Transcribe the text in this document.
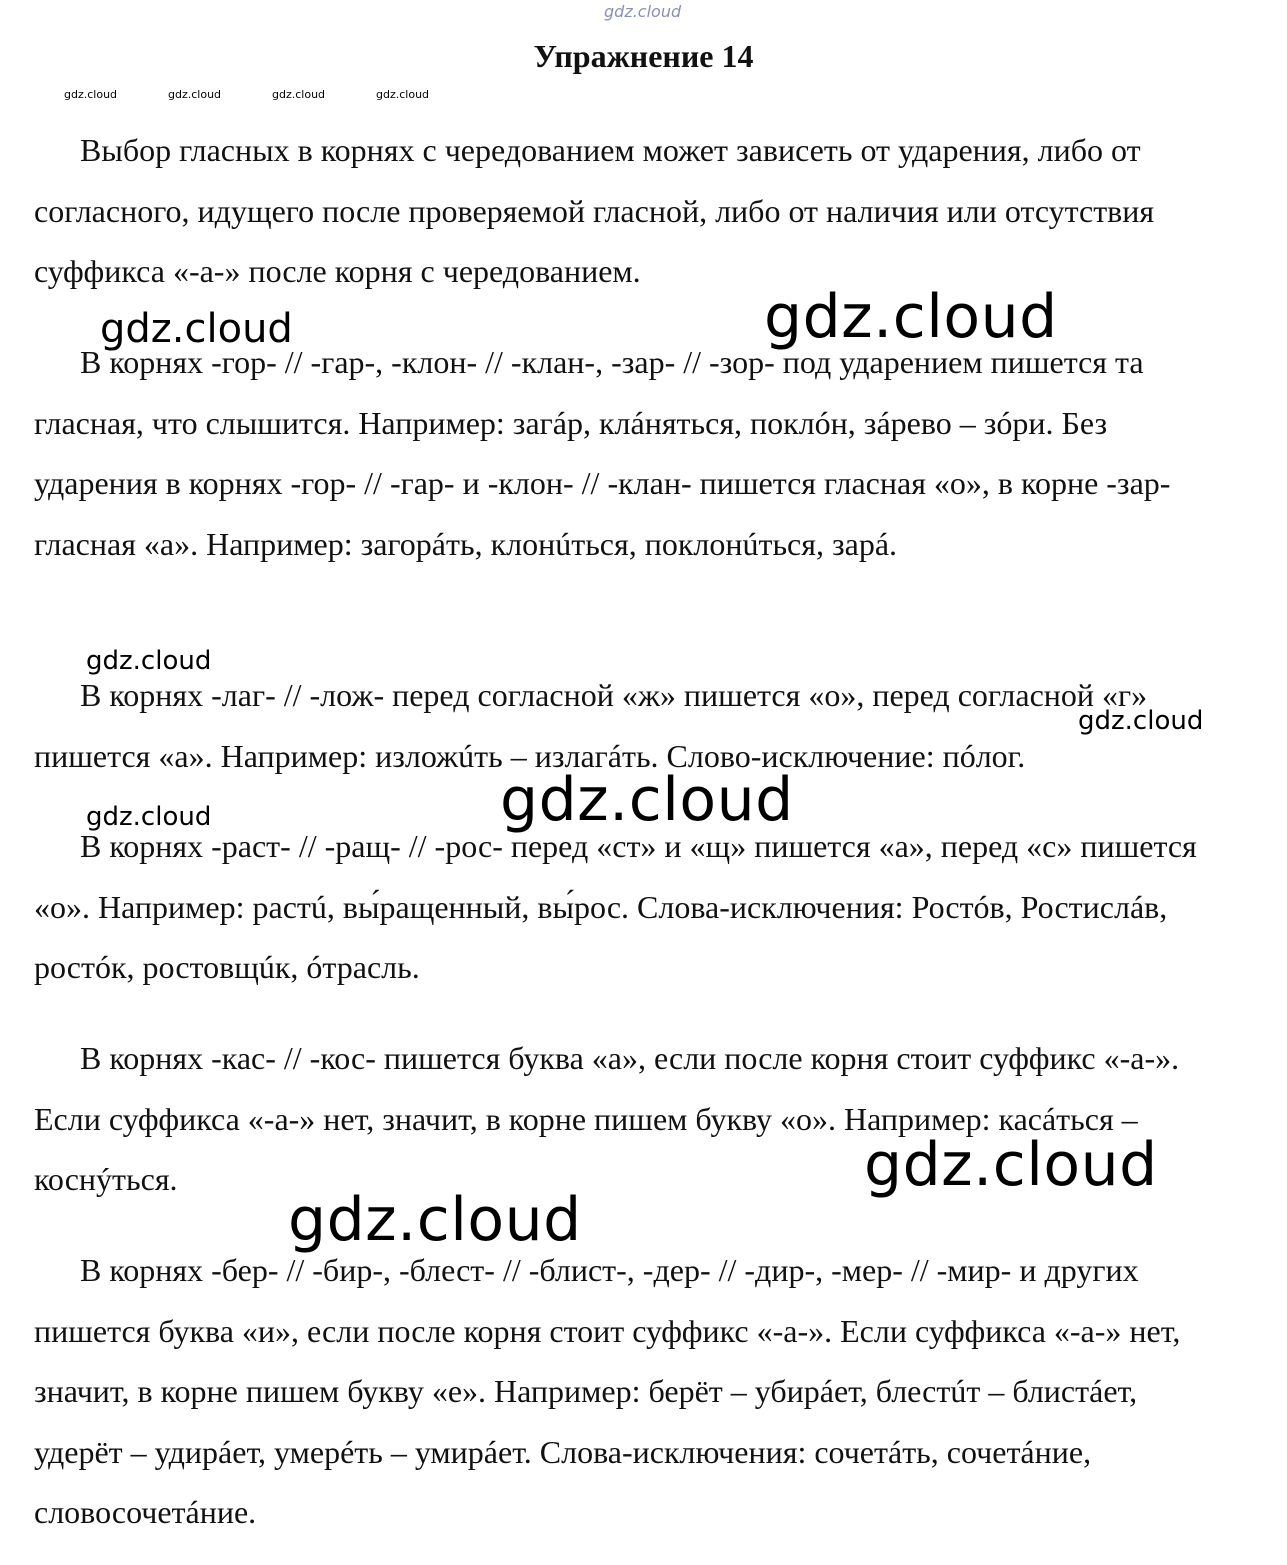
gdz.cloud
Упражнение 14
gdz.cloud	gdz.cloud	gdz.cloud	gdz.cloud

Выбор гласных в корнях с чередованием может зависеть от ударения, либо от согласного, идущего после проверяемой гласной, либо от наличия или отсутствия суффикса «-а-» после корня с чередованием.

В корнях -гор- // -гар-, -клон- // -клан-, -зар- // -зор- под ударением пишется та гласная, что слышится. Например: загáр, клáняться, поклóн, зáрево – зóри. Без ударения в корнях -гор- // -гар- и -клон- // -клан- пишется гласная «о», в корне -зар- гласная «а». Например: загорáть, клонúться, поклонúться, зарá.

В корнях -лаг- // -лож- перед согласной «ж» пишется «о», перед согласной «г» пишется «а». Например: изложúть – излагáть. Слово-исключение: пóлог.

В корнях -раст- // -ращ- // -рос- перед «ст» и «щ» пишется «а», перед «с» пишется «о». Например: растú, вы́ращенный, вы́рос. Слова-исключения: Ростóв, Ростислáв, ростóк, ростовщúк, óтрасль.

В корнях -кас- // -кос- пишется буква «а», если после корня стоит суффикс «-а-». Если суффикса «-а-» нет, значит, в корне пишем букву «о». Например: касáться – коснýться.

В корнях -бер- // -бир-, -блест- // -блист-, -дер- // -дир-, -мер- // -мир- и других пишется буква «и», если после корня стоит суффикс «-а-». Если суффикса «-а-» нет, значит, в корне пишем букву «е». Например: берёт – убирáет, блестúт – блистáет, удерёт – удирáет, умерéть – умирáет. Слова-исключения: сочетáть, сочетáние, словосочетáние.

gdz.cloud
gdz.cloud
gdz.cloud
gdz.cloud	gdz.cloud
gdz.cloud
gdz.cloud
gdz.cloud
